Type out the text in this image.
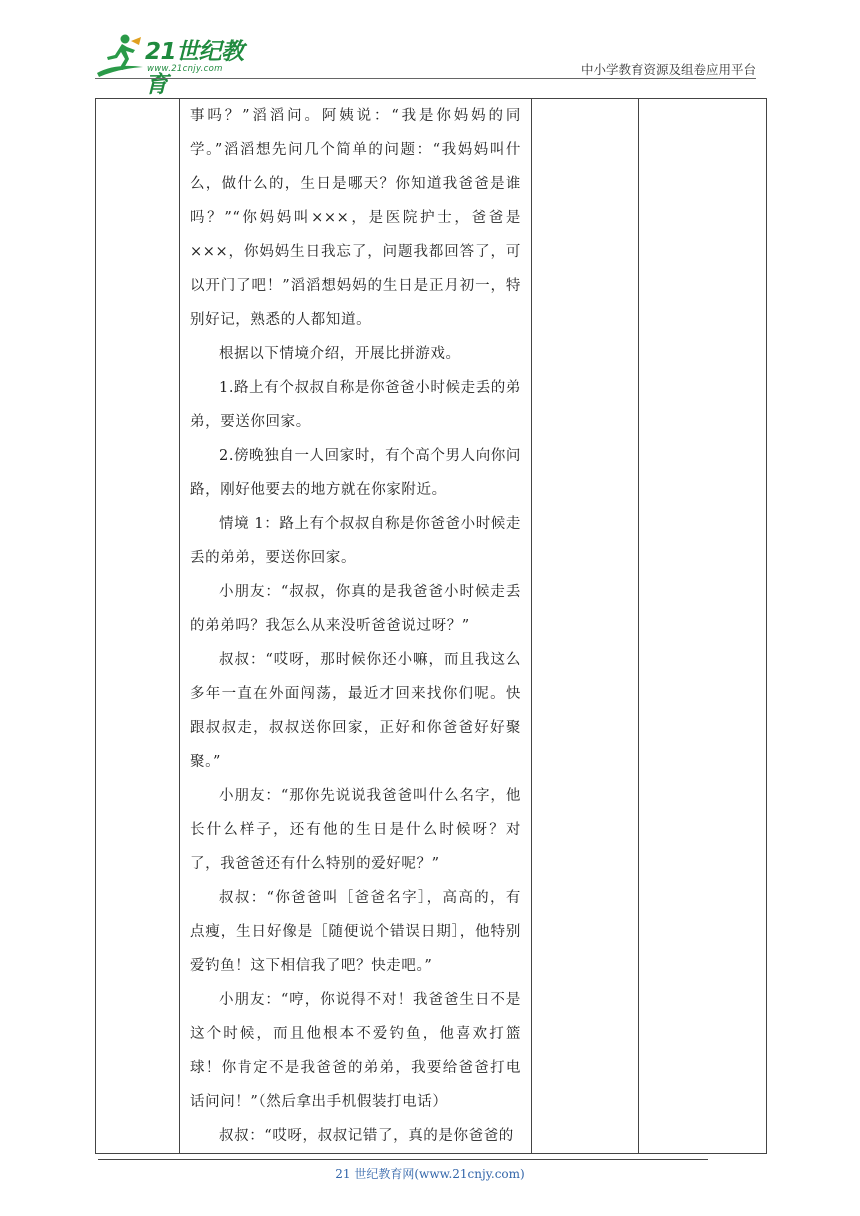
21世纪教育
www.21cnjy.com	中小学教育资源及组卷应用平台

事吗？”滔滔问。阿姨说：“我是你妈妈的同学。”滔滔想先问几个简单的问题：“我妈妈叫什么，做什么的，生日是哪天？你知道我爸爸是谁吗？”“你妈妈叫×××，是医院护士，爸爸是×××，你妈妈生日我忘了，问题我都回答了，可以开门了吧！”滔滔想妈妈的生日是正月初一，特别好记，熟悉的人都知道。

根据以下情境介绍，开展比拼游戏。

1.路上有个叔叔自称是你爸爸小时候走丢的弟弟，要送你回家。

2.傍晚独自一人回家时，有个高个男人向你问路，刚好他要去的地方就在你家附近。

情境 1：路上有个叔叔自称是你爸爸小时候走丢的弟弟，要送你回家。

小朋友：“叔叔，你真的是我爸爸小时候走丢的弟弟吗？我怎么从来没听爸爸说过呀？”

叔叔：“哎呀，那时候你还小嘛，而且我这么多年一直在外面闯荡，最近才回来找你们呢。快跟叔叔走，叔叔送你回家，正好和你爸爸好好聚聚。”

小朋友：“那你先说说我爸爸叫什么名字，他长什么样子，还有他的生日是什么时候呀？对了，我爸爸还有什么特别的爱好呢？”

叔叔：“你爸爸叫［爸爸名字］，高高的，有点瘦，生日好像是［随便说个错误日期］，他特别爱钓鱼！这下相信我了吧？快走吧。”

小朋友：“哼，你说得不对！我爸爸生日不是这个时候，而且他根本不爱钓鱼，他喜欢打篮球！你肯定不是我爸爸的弟弟，我要给爸爸打电话问问！”（然后拿出手机假装打电话）

叔叔：“哎呀，叔叔记错了，真的是你爸爸的

21 世纪教育网(www.21cnjy.com)
